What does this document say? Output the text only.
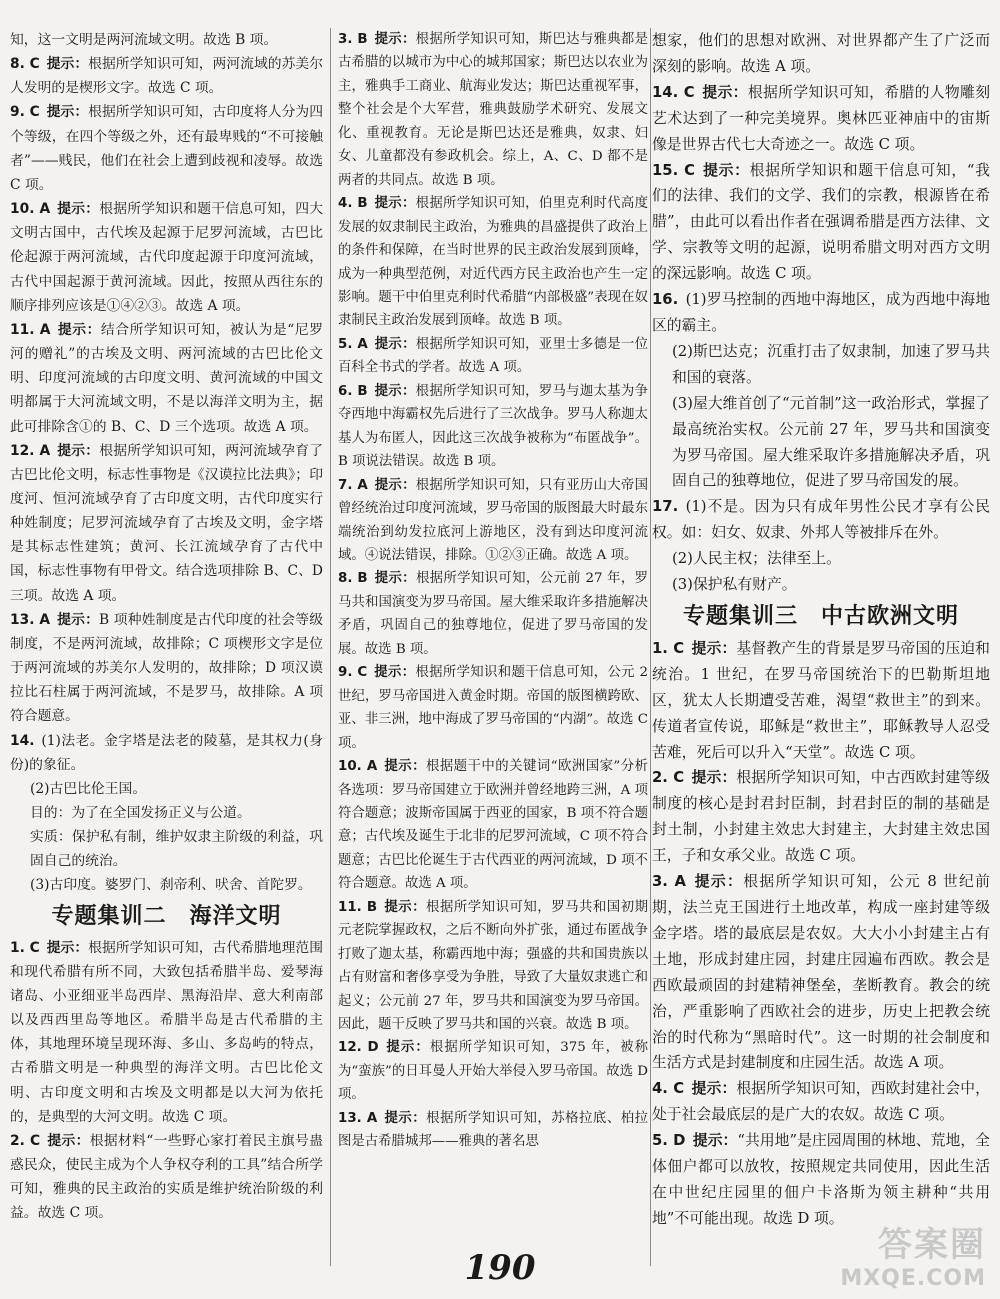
知，这一文明是两河流域文明。故选 B 项。

8. C  提示：根据所学知识可知，两河流域的苏美尔人发明的是楔形文字。故选 C 项。

9. C  提示：根据所学知识可知，古印度将人分为四个等级，在四个等级之外，还有最卑贱的“不可接触者”——贱民，他们在社会上遭到歧视和凌辱。故选 C 项。

10. A  提示：根据所学知识和题干信息可知，四大文明古国中，古代埃及起源于尼罗河流域，古巴比伦起源于两河流域，古代印度起源于印度河流域，古代中国起源于黄河流域。因此，按照从西往东的顺序排列应该是①④②③。故选 A 项。

11. A  提示：结合所学知识可知，被认为是“尼罗河的赠礼”的古埃及文明、两河流域的古巴比伦文明、印度河流域的古印度文明、黄河流域的中国文明都属于大河流域文明，不是以海洋文明为主，据此可排除含①的 B、C、D 三个选项。故选 A 项。

12. A  提示：根据所学知识可知，两河流域孕育了古巴比伦文明，标志性事物是《汉谟拉比法典》；印度河、恒河流域孕育了古印度文明，古代印度实行种姓制度；尼罗河流域孕育了古埃及文明，金字塔是其标志性建筑；黄河、长江流域孕育了古代中国，标志性事物有甲骨文。结合选项排除 B、C、D 三项。故选 A 项。

13. A  提示：B 项种姓制度是古代印度的社会等级制度，不是两河流域，故排除；C 项楔形文字是位于两河流域的苏美尔人发明的，故排除；D 项汉谟拉比石柱属于两河流域，不是罗马，故排除。A 项符合题意。

14.  (1)法老。金字塔是法老的陵墓，是其权力(身份)的象征。

(2)古巴比伦王国。

目的：为了在全国发扬正义与公道。

实质：保护私有制，维护奴隶主阶级的利益，巩固自己的统治。

(3)古印度。婆罗门、刹帝利、吠舍、首陀罗。

专题集训二　海洋文明

1. C  提示：根据所学知识可知，古代希腊地理范围和现代希腊有所不同，大致包括希腊半岛、爱琴海诸岛、小亚细亚半岛西岸、黑海沿岸、意大利南部以及西西里岛等地区。希腊半岛是古代希腊的主体，其地理环境呈现环海、多山、多岛屿的特点，古希腊文明是一种典型的海洋文明。古巴比伦文明、古印度文明和古埃及文明都是以大河为依托的，是典型的大河文明。故选 C 项。

2. C  提示：根据材料“一些野心家打着民主旗号蛊惑民众，使民主成为个人争权夺利的工具”结合所学可知，雅典的民主政治的实质是维护统治阶级的利益。故选 C 项。

3. B  提示：根据所学知识可知，斯巴达与雅典都是古希腊的以城市为中心的城邦国家；斯巴达以农业为主，雅典手工商业、航海业发达；斯巴达重视军事，整个社会是个大军营，雅典鼓励学术研究、发展文化、重视教育。无论是斯巴达还是雅典，奴隶、妇女、儿童都没有参政机会。综上，A、C、D 都不是两者的共同点。故选 B 项。

4. B  提示：根据所学知识可知，伯里克利时代高度发展的奴隶制民主政治，为雅典的昌盛提供了政治上的条件和保障，在当时世界的民主政治发展到顶峰，成为一种典型范例，对近代西方民主政治也产生一定影响。题干中伯里克利时代希腊“内部极盛”表现在奴隶制民主政治发展到顶峰。故选 B 项。

5. A  提示：根据所学知识可知，亚里士多德是一位百科全书式的学者。故选 A 项。

6. B  提示：根据所学知识可知，罗马与迦太基为争夺西地中海霸权先后进行了三次战争。罗马人称迦太基人为布匿人，因此这三次战争被称为“布匿战争”。B 项说法错误。故选 B 项。

7. A  提示：根据所学知识可知，只有亚历山大帝国曾经统治过印度河流域，罗马帝国的版图最大时最东端统治到幼发拉底河上游地区，没有到达印度河流域。④说法错误，排除。①②③正确。故选 A 项。

8. B  提示：根据所学知识可知，公元前 27 年，罗马共和国演变为罗马帝国。屋大维采取许多措施解决矛盾，巩固自己的独尊地位，促进了罗马帝国的发展。故选 B 项。

9. C  提示：根据所学知识和题干信息可知，公元 2 世纪，罗马帝国进入黄金时期。帝国的版图横跨欧、亚、非三洲，地中海成了罗马帝国的“内湖”。故选 C 项。

10. A  提示：根据题干中的关键词“欧洲国家”分析各选项：罗马帝国建立于欧洲并曾经地跨三洲，A 项符合题意；波斯帝国属于西亚的国家，B 项不符合题意；古代埃及诞生于北非的尼罗河流域，C 项不符合题意；古巴比伦诞生于古代西亚的两河流域，D 项不符合题意。故选 A 项。

11. B  提示：根据所学知识可知，罗马共和国初期元老院掌握政权，之后不断向外扩张，通过布匿战争打败了迦太基，称霸西地中海；强盛的共和国贵族以占有财富和奢侈享受为争胜，导致了大量奴隶逃亡和起义；公元前 27 年，罗马共和国演变为罗马帝国。因此，题干反映了罗马共和国的兴衰。故选 B 项。

12. D  提示：根据所学知识可知，375 年，被称为“蛮族”的日耳曼人开始大举侵入罗马帝国。故选 D 项。

13. A  提示：根据所学知识可知，苏格拉底、柏拉图是古希腊城邦——雅典的著名思

想家，他们的思想对欧洲、对世界都产生了广泛而深刻的影响。故选 A 项。

14. C  提示：根据所学知识可知，希腊的人物雕刻艺术达到了一种完美境界。奥林匹亚神庙中的宙斯像是世界古代七大奇迹之一。故选 C 项。

15. C  提示：根据所学知识和题干信息可知，“我们的法律、我们的文学、我们的宗教，根源皆在希腊”，由此可以看出作者在强调希腊是西方法律、文学、宗教等文明的起源，说明希腊文明对西方文明的深远影响。故选 C 项。

16.  (1)罗马控制的西地中海地区，成为西地中海地区的霸主。

(2)斯巴达克；沉重打击了奴隶制，加速了罗马共和国的衰落。

(3)屋大维首创了“元首制”这一政治形式，掌握了最高统治实权。公元前 27 年，罗马共和国演变为罗马帝国。屋大维采取许多措施解决矛盾，巩固自己的独尊地位，促进了罗马帝国发的展。

17.  (1)不是。因为只有成年男性公民才享有公民权。如：妇女、奴隶、外邦人等被排斥在外。

(2)人民主权；法律至上。

(3)保护私有财产。

专题集训三　中古欧洲文明

1. C  提示：基督教产生的背景是罗马帝国的压迫和统治。1 世纪，在罗马帝国统治下的巴勒斯坦地区，犹太人长期遭受苦难，渴望“救世主”的到来。传道者宣传说，耶稣是“救世主”，耶稣教导人忍受苦难，死后可以升入“天堂”。故选 C 项。

2. C  提示：根据所学知识可知，中古西欧封建等级制度的核心是封君封臣制，封君封臣的制的基础是封土制，小封建主效忠大封建主，大封建主效忠国王，子和女承父业。故选 C 项。

3. A  提示：根据所学知识可知，公元 8 世纪前期，法兰克王国进行土地改革，构成一座封建等级金字塔。塔的最底层是农奴。大大小小封建主占有土地，形成封建庄园，封建庄园遍布西欧。教会是西欧最顽固的封建精神堡垒，垄断教育。教会的统治，严重影响了西欧社会的进步，历史上把教会统治的时代称为“黑暗时代”。这一时期的社会制度和生活方式是封建制度和庄园生活。故选 A 项。

4. C  提示：根据所学知识可知，西欧封建社会中，处于社会最底层的是广大的农奴。故选 C 项。

5. D  提示：“共用地”是庄园周围的林地、荒地，全体佃户都可以放牧，按照规定共同使用，因此生活在中世纪庄园里的佃户卡洛斯为领主耕种“共用地”不可能出现。故选 D 项。

190
答案圈
MXQE.COM
